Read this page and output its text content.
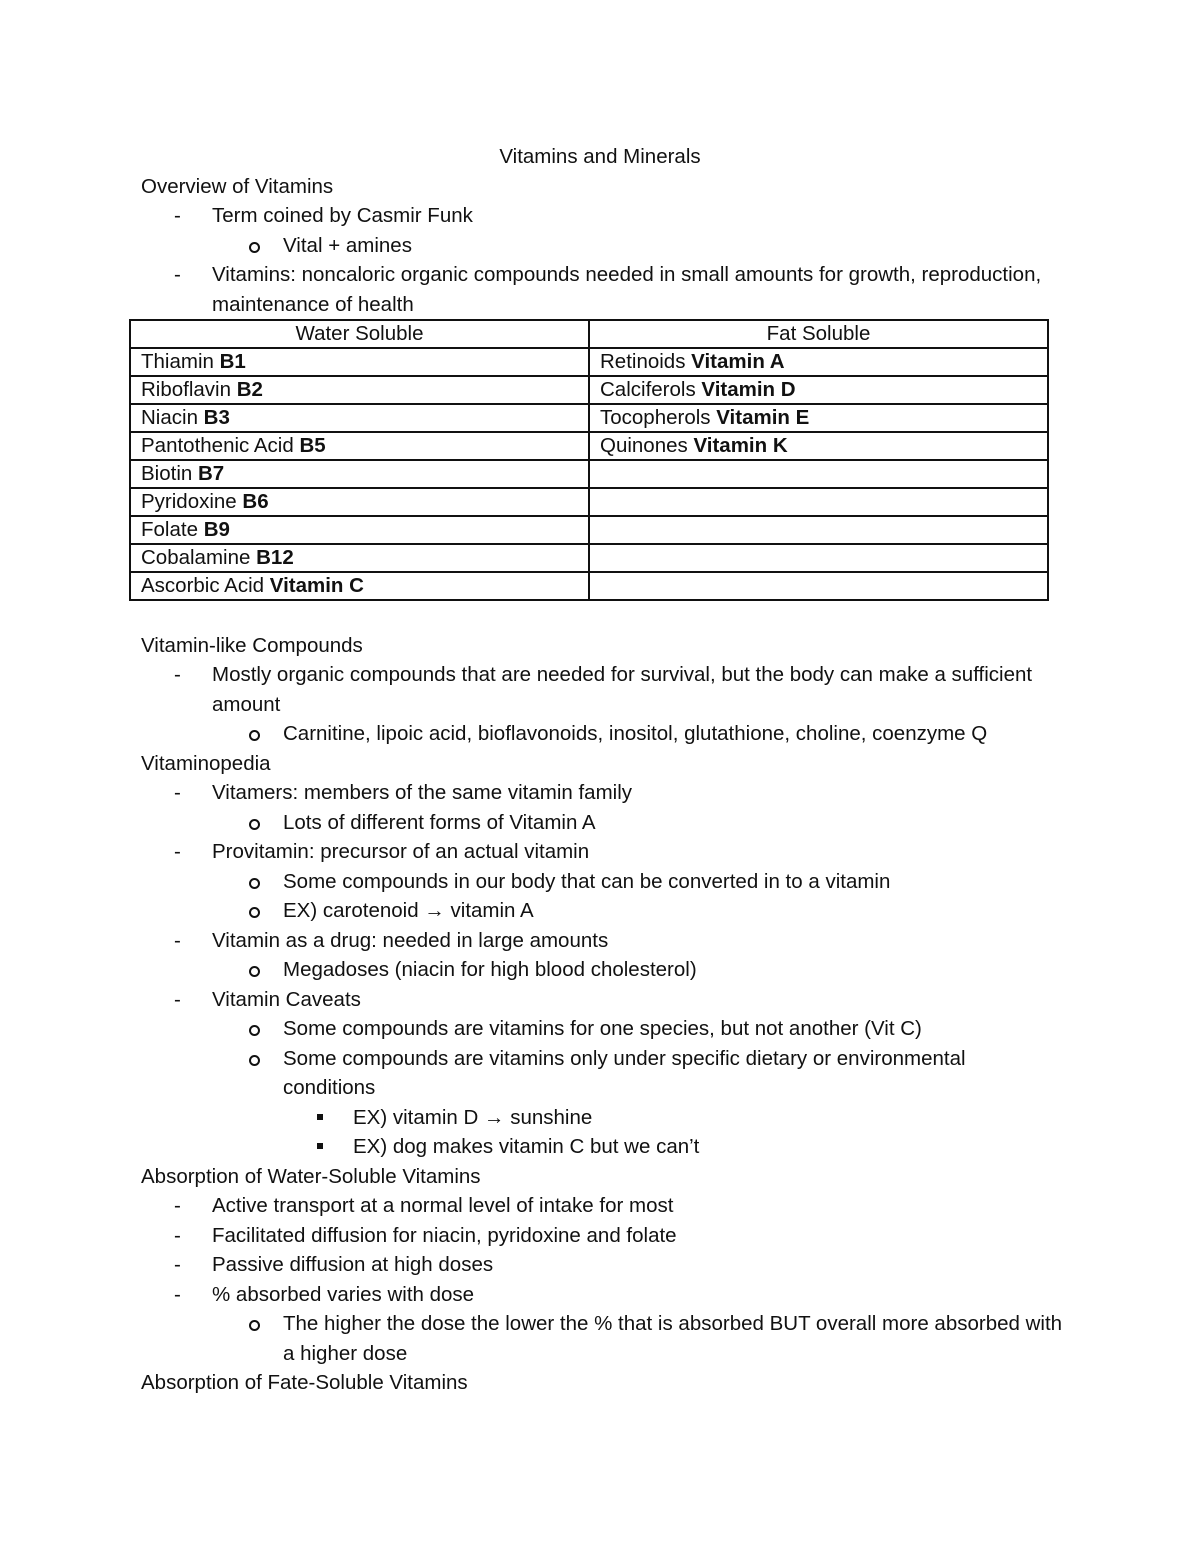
Vitamins and Minerals
Overview of Vitamins
- Term coined by Casmir Funk
Vital + amines
- Vitamins: noncaloric organic compounds needed in small amounts for growth, reproduction, maintenance of health
Water Soluble	Fat Soluble
Thiamin B1	Retinoids Vitamin A
Riboflavin B2	Calciferols Vitamin D
Niacin B3	Tocopherols Vitamin E
Pantothenic Acid B5	Quinones Vitamin K
Biotin B7	
Pyridoxine B6	
Folate B9	
Cobalamine B12	
Ascorbic Acid Vitamin C	
Vitamin-like Compounds
- Mostly organic compounds that are needed for survival, but the body can make a sufficient amount
Carnitine, lipoic acid, bioflavonoids, inositol, glutathione, choline, coenzyme Q
Vitaminopedia
- Vitamers: members of the same vitamin family
Lots of different forms of Vitamin A
- Provitamin: precursor of an actual vitamin
Some compounds in our body that can be converted in to a vitamin
EX) carotenoid → vitamin A
- Vitamin as a drug: needed in large amounts
Megadoses (niacin for high blood cholesterol)
- Vitamin Caveats
Some compounds are vitamins for one species, but not another (Vit C)
Some compounds are vitamins only under specific dietary or environmental conditions
EX) vitamin D → sunshine
EX) dog makes vitamin C but we can’t
Absorption of Water-Soluble Vitamins
- Active transport at a normal level of intake for most
- Facilitated diffusion for niacin, pyridoxine and folate
- Passive diffusion at high doses
- % absorbed varies with dose
The higher the dose the lower the % that is absorbed BUT overall more absorbed with a higher dose
Absorption of Fate-Soluble Vitamins
